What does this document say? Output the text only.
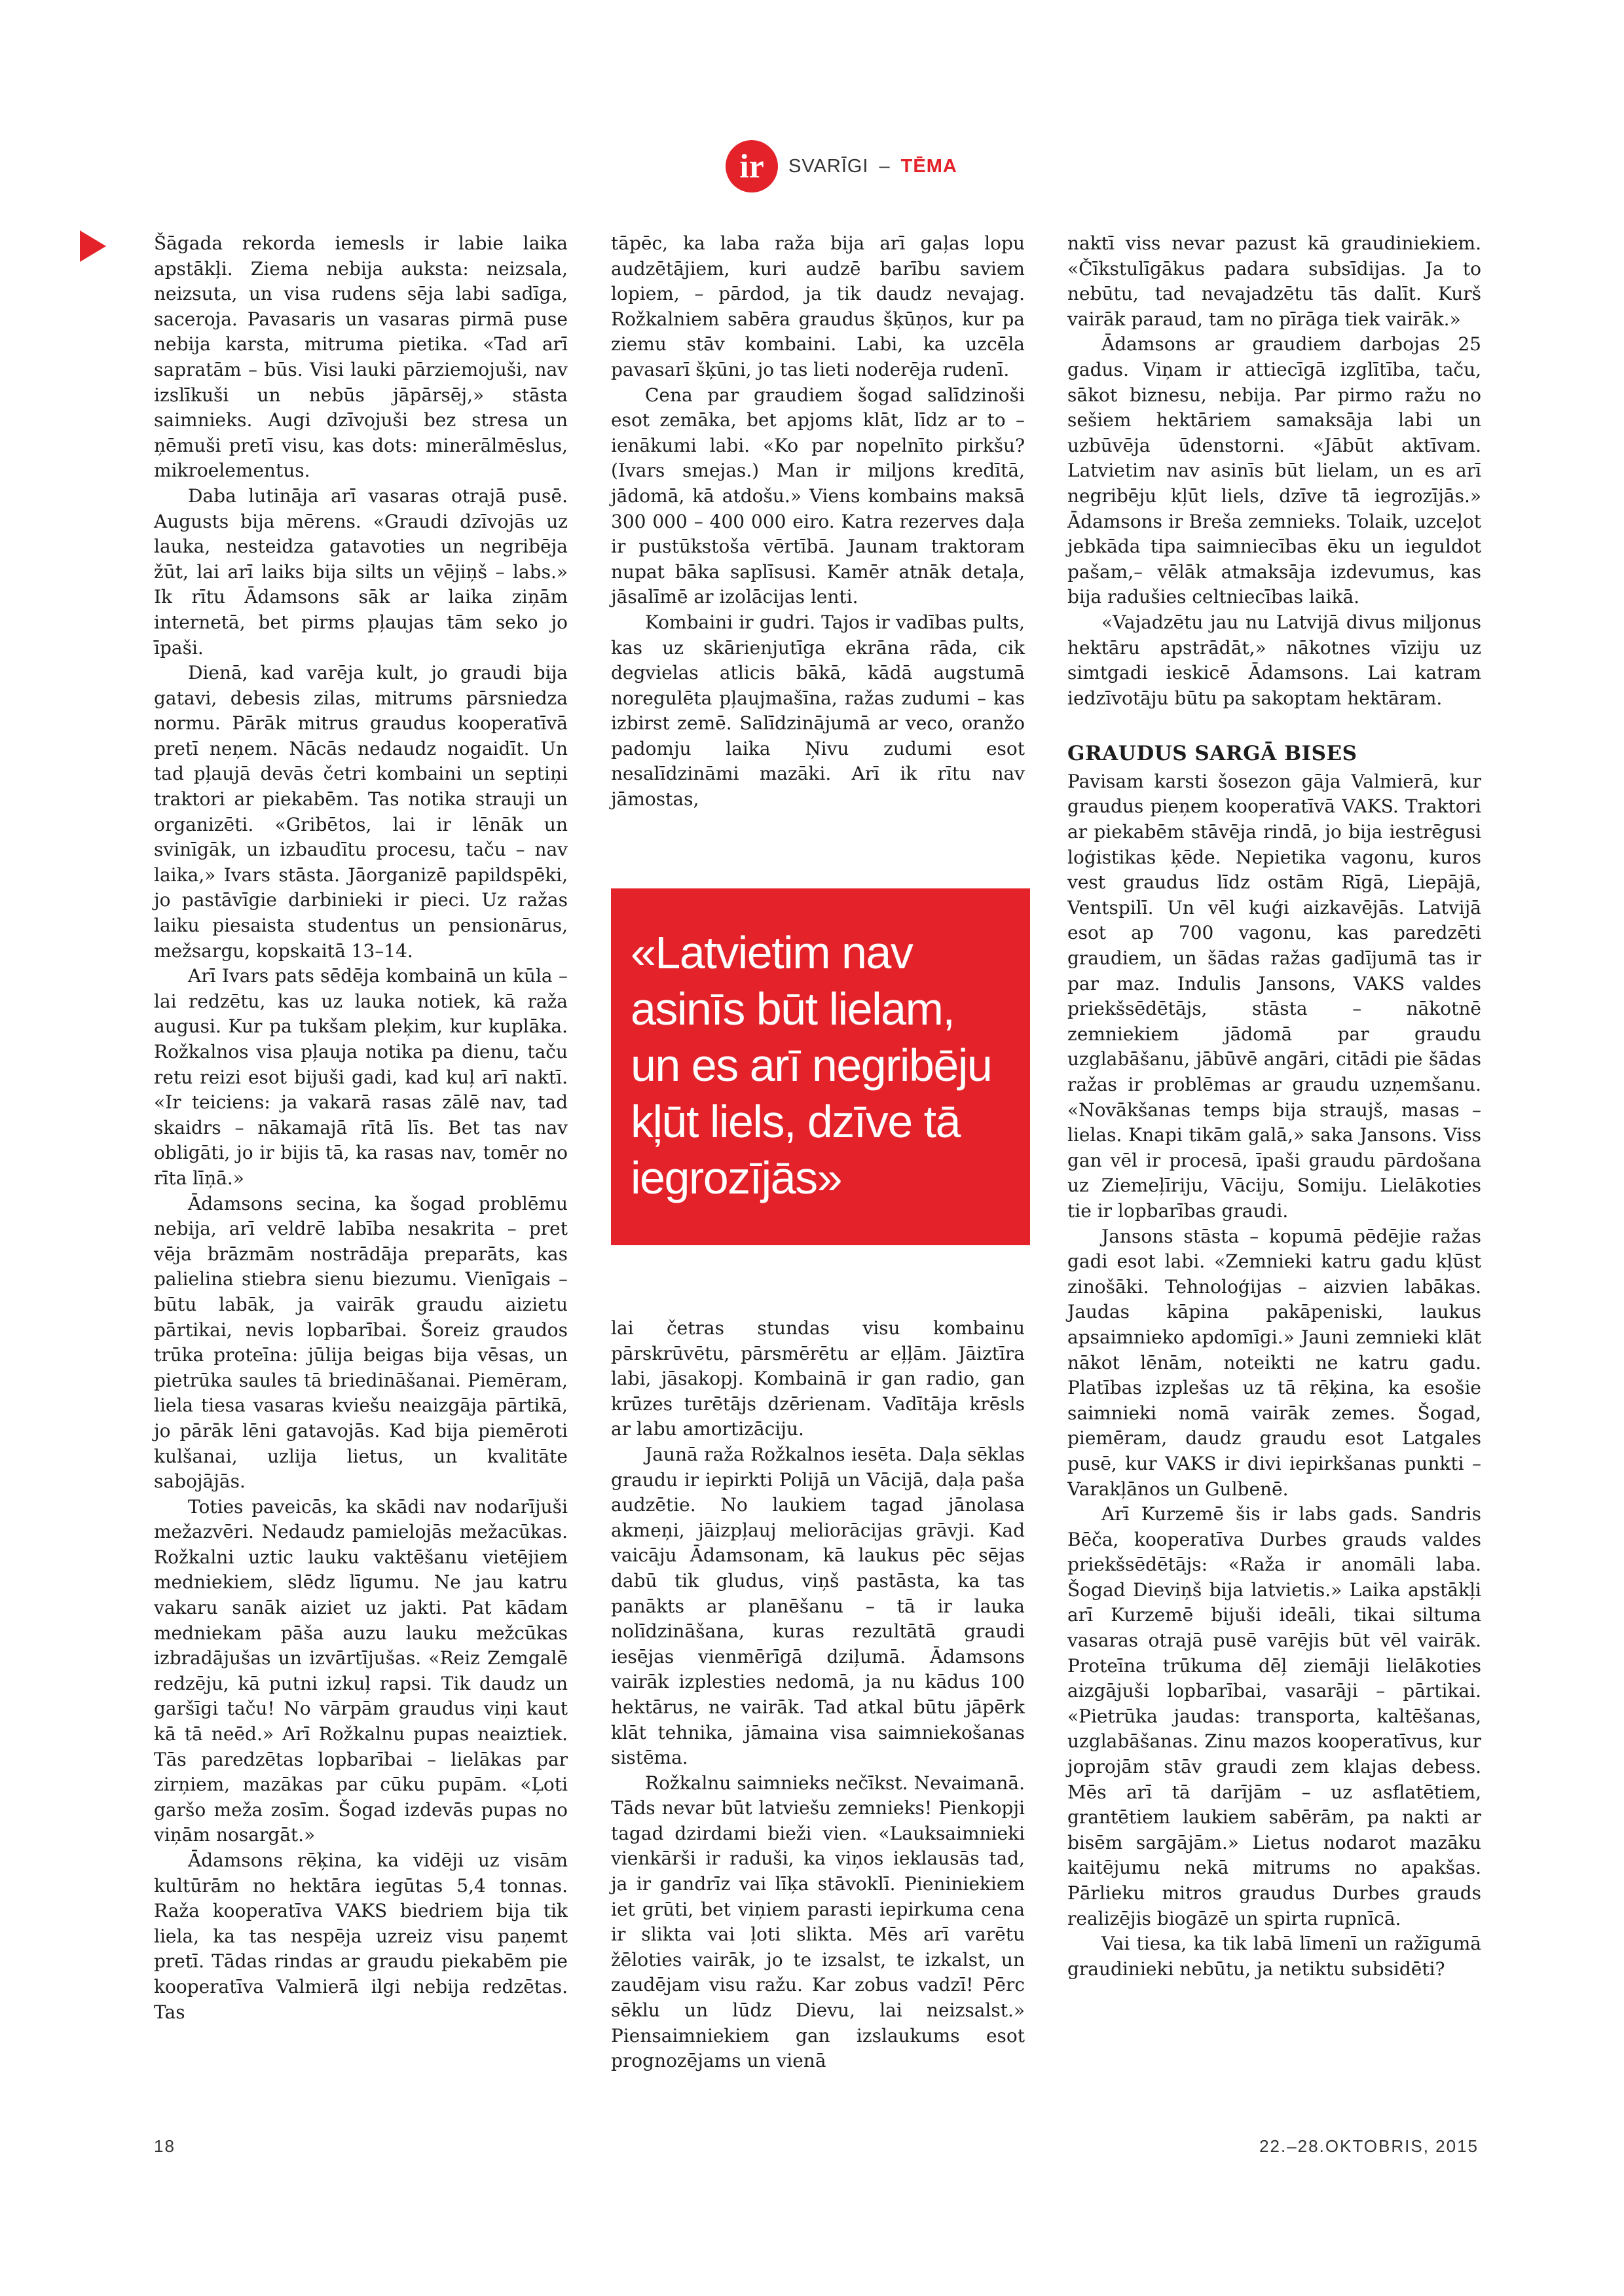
ir	SVARĪGI – TĒMA

Šāgada rekorda iemesls ir labie laika apstākļi. Ziema nebija auksta: neizsala, neizsuta, un visa rudens sēja labi sadīga, saceroja. Pavasaris un vasaras pirmā puse nebija karsta, mitruma pietika. «Tad arī sapratām – būs. Visi lauki pārziemojuši, nav izslīkuši un nebūs jāpārsēj,» stāsta saimnieks. Augi dzīvojuši bez stresa un ņēmuši pretī visu, kas dots: minerālmēslus, mikroelementus.

Daba lutināja arī vasaras otrajā pusē. Augusts bija mērens. «Graudi dzīvojās uz lauka, nesteidza gatavoties un negribēja žūt, lai arī laiks bija silts un vējiņš – labs.» Ik rītu Ādamsons sāk ar laika ziņām internetā, bet pirms pļaujas tām seko jo īpaši.

Dienā, kad varēja kult, jo graudi bija gatavi, debesis zilas, mitrums pārsniedza normu. Pārāk mitrus graudus kooperatīvā pretī neņem. Nācās nedaudz nogaidīt. Un tad pļaujā devās četri kombaini un septiņi traktori ar piekabēm. Tas notika strauji un organizēti. «Gribētos, lai ir lēnāk un svinīgāk, un izbaudītu procesu, taču – nav laika,» Ivars stāsta. Jāorganizē papildspēki, jo pastāvīgie darbinieki ir pieci. Uz ražas laiku piesaista studentus un pensionārus, mežsargu, kopskaitā 13–14.

Arī Ivars pats sēdēja kombainā un kūla – lai redzētu, kas uz lauka notiek, kā raža augusi. Kur pa tukšam pleķim, kur kuplāka. Rožkalnos visa pļauja notika pa dienu, taču retu reizi esot bijuši gadi, kad kuļ arī naktī. «Ir teiciens: ja vakarā rasas zālē nav, tad skaidrs – nākamajā rītā līs. Bet tas nav obligāti, jo ir bijis tā, ka rasas nav, tomēr no rīta līņā.»

Ādamsons secina, ka šogad problēmu nebija, arī veldrē labība nesakrita – pret vēja brāzmām nostrādāja preparāts, kas palielina stiebra sienu biezumu. Vienīgais – būtu labāk, ja vairāk graudu aizietu pārtikai, nevis lopbarībai. Šoreiz graudos trūka proteīna: jūlija beigas bija vēsas, un pietrūka saules tā briedināšanai. Piemēram, liela tiesa vasaras kviešu neaizgāja pārtikā, jo pārāk lēni gatavojās. Kad bija piemēroti kulšanai, uzlija lietus, un kvalitāte sabojājās.

Toties paveicās, ka skādi nav nodarījuši mežazvēri. Nedaudz pamielojās mežacūkas. Rožkalni uztic lauku vaktēšanu vietējiem medniekiem, slēdz līgumu. Ne jau katru vakaru sanāk aiziet uz jakti. Pat kādam medniekam pāša auzu lauku mežcūkas izbradājušas un izvārtījušas. «Reiz Zemgalē redzēju, kā putni izkuļ rapsi. Tik daudz un garšīgi taču! No vārpām graudus viņi kaut kā tā neēd.» Arī Rožkalnu pupas neaiztiek. Tās paredzētas lopbarībai – lielākas par zirņiem, mazākas par cūku pupām. «Ļoti garšo meža zosīm. Šogad izdevās pupas no viņām nosargāt.»

Ādamsons rēķina, ka vidēji uz visām kultūrām no hektāra iegūtas 5,4 tonnas. Raža kooperatīva VAKS biedriem bija tik liela, ka tas nespēja uzreiz visu paņemt pretī. Tādas rindas ar graudu piekabēm pie kooperatīva Valmierā ilgi nebija redzētas. Tas

tāpēc, ka laba raža bija arī gaļas lopu audzētājiem, kuri audzē barību saviem lopiem, – pārdod, ja tik daudz nevajag. Rožkalniem sabēra graudus šķūņos, kur pa ziemu stāv kombaini. Labi, ka uzcēla pavasarī šķūni, jo tas lieti noderēja rudenī.

Cena par graudiem šogad salīdzinoši esot zemāka, bet apjoms klāt, līdz ar to – ienākumi labi. «Ko par nopelnīto pirkšu? (Ivars smejas.) Man ir miljons kredītā, jādomā, kā atdošu.» Viens kombains maksā 300 000 – 400 000 eiro. Katra rezerves daļa ir pustūkstoša vērtībā. Jaunam traktoram nupat bāka saplīsusi. Kamēr atnāk detaļa, jāsalīmē ar izolācijas lenti.

Kombaini ir gudri. Tajos ir vadības pults, kas uz skārienjutīga ekrāna rāda, cik degvielas atlicis bākā, kādā augstumā noregulēta pļaujmašīna, ražas zudumi – kas izbirst zemē. Salīdzinājumā ar veco, oranžo padomju laika Ņivu zudumi esot nesalīdzināmi mazāki. Arī ik rītu nav jāmostas,

«Latvietim nav asinīs būt lielam, un es arī negribēju kļūt liels, dzīve tā iegrozījās»

lai četras stundas visu kombainu pārskrūvētu, pārsmērētu ar eļļām. Jāiztīra labi, jāsakopj. Kombainā ir gan radio, gan krūzes turētājs dzērienam. Vadītāja krēsls ar labu amortizāciju.

Jaunā raža Rožkalnos iesēta. Daļa sēklas graudu ir iepirkti Polijā un Vācijā, daļa paša audzētie. No laukiem tagad jānolasa akmeņi, jāizpļauj meliorācijas grāvji. Kad vaicāju Ādamsonam, kā laukus pēc sējas dabū tik gludus, viņš pastāsta, ka tas panākts ar planēšanu – tā ir lauka nolīdzināšana, kuras rezultātā graudi iesējas vienmērīgā dziļumā. Ādamsons vairāk izplesties nedomā, ja nu kādus 100 hektārus, ne vairāk. Tad atkal būtu jāpērk klāt tehnika, jāmaina visa saimniekošanas sistēma.

Rožkalnu saimnieks nečīkst. Nevaimanā. Tāds nevar būt latviešu zemnieks! Pienkopji tagad dzirdami bieži vien. «Lauksaimnieki vienkārši ir raduši, ka viņos ieklausās tad, ja ir gandrīz vai līķa stāvoklī. Pieniniekiem iet grūti, bet viņiem parasti iepirkuma cena ir slikta vai ļoti slikta. Mēs arī varētu žēloties vairāk, jo te izsalst, te izkalst, un zaudējam visu ražu. Kar zobus vadzī! Pērc sēklu un lūdz Dievu, lai neizsalst.» Piensaimniekiem gan izslaukums esot prognozējams un vienā

naktī viss nevar pazust kā graudiniekiem. «Čīkstulīgākus padara subsīdijas. Ja to nebūtu, tad nevajadzētu tās dalīt. Kurš vairāk paraud, tam no pīrāga tiek vairāk.»

Ādamsons ar graudiem darbojas 25 gadus. Viņam ir attiecīgā izglītība, taču, sākot biznesu, nebija. Par pirmo ražu no sešiem hektāriem samaksāja labi un uzbūvēja ūdenstorni. «Jābūt aktīvam. Latvietim nav asinīs būt lielam, un es arī negribēju kļūt liels, dzīve tā iegrozījās.» Ādamsons ir Breša zemnieks. Tolaik, uzceļot jebkāda tipa saimniecības ēku un ieguldot pašam,– vēlāk atmaksāja izdevumus, kas bija radušies celtniecības laikā.

«Vajadzētu jau nu Latvijā divus miljonus hektāru apstrādāt,» nākotnes vīziju uz simtgadi ieskicē Ādamsons. Lai katram iedzīvotāju būtu pa sakoptam hektāram.

GRAUDUS SARGĀ BISES

Pavisam karsti šosezon gāja Valmierā, kur graudus pieņem kooperatīvā VAKS. Traktori ar piekabēm stāvēja rindā, jo bija iestrēgusi loģistikas ķēde. Nepietika vagonu, kuros vest graudus līdz ostām Rīgā, Liepājā, Ventspilī. Un vēl kuģi aizkavējās. Latvijā esot ap 700 vagonu, kas paredzēti graudiem, un šādas ražas gadījumā tas ir par maz. Indulis Jansons, VAKS valdes priekšsēdētājs, stāsta – nākotnē zemniekiem jādomā par graudu uzglabāšanu, jābūvē angāri, citādi pie šādas ražas ir problēmas ar graudu uzņemšanu. «Novākšanas temps bija straujš, masas – lielas. Knapi tikām galā,» saka Jansons. Viss gan vēl ir procesā, īpaši graudu pārdošana uz Ziemeļīriju, Vāciju, Somiju. Lielākoties tie ir lopbarības graudi.

Jansons stāsta – kopumā pēdējie ražas gadi esot labi. «Zemnieki katru gadu kļūst zinošāki. Tehnoloģijas – aizvien labākas. Jaudas kāpina pakāpeniski, laukus apsaimnieko apdomīgi.» Jauni zemnieki klāt nākot lēnām, noteikti ne katru gadu. Platības izplešas uz tā rēķina, ka esošie saimnieki nomā vairāk zemes. Šogad, piemēram, daudz graudu esot Latgales pusē, kur VAKS ir divi iepirkšanas punkti – Varakļānos un Gulbenē.

Arī Kurzemē šis ir labs gads. Sandris Bēča, kooperatīva Durbes grauds valdes priekšsēdētājs: «Raža ir anomāli laba. Šogad Dieviņš bija latvietis.» Laika apstākļi arī Kurzemē bijuši ideāli, tikai siltuma vasaras otrajā pusē varējis būt vēl vairāk. Proteīna trūkuma dēļ ziemāji lielākoties aizgājuši lopbarībai, vasarāji – pārtikai. «Pietrūka jaudas: transporta, kaltēšanas, uzglabāšanas. Zinu mazos kooperatīvus, kur joprojām stāv graudi zem klajas debess. Mēs arī tā darījām – uz asflatētiem, grantētiem laukiem sabērām, pa nakti ar bisēm sargājām.» Lietus nodarot mazāku kaitējumu nekā mitrums no apakšas. Pārlieku mitros graudus Durbes grauds realizējis biogāzē un spirta rupnīcā.

Vai tiesa, ka tik labā līmenī un ražīgumā graudinieki nebūtu, ja netiktu subsidēti?

18	22.–28.OKTOBRIS, 2015
